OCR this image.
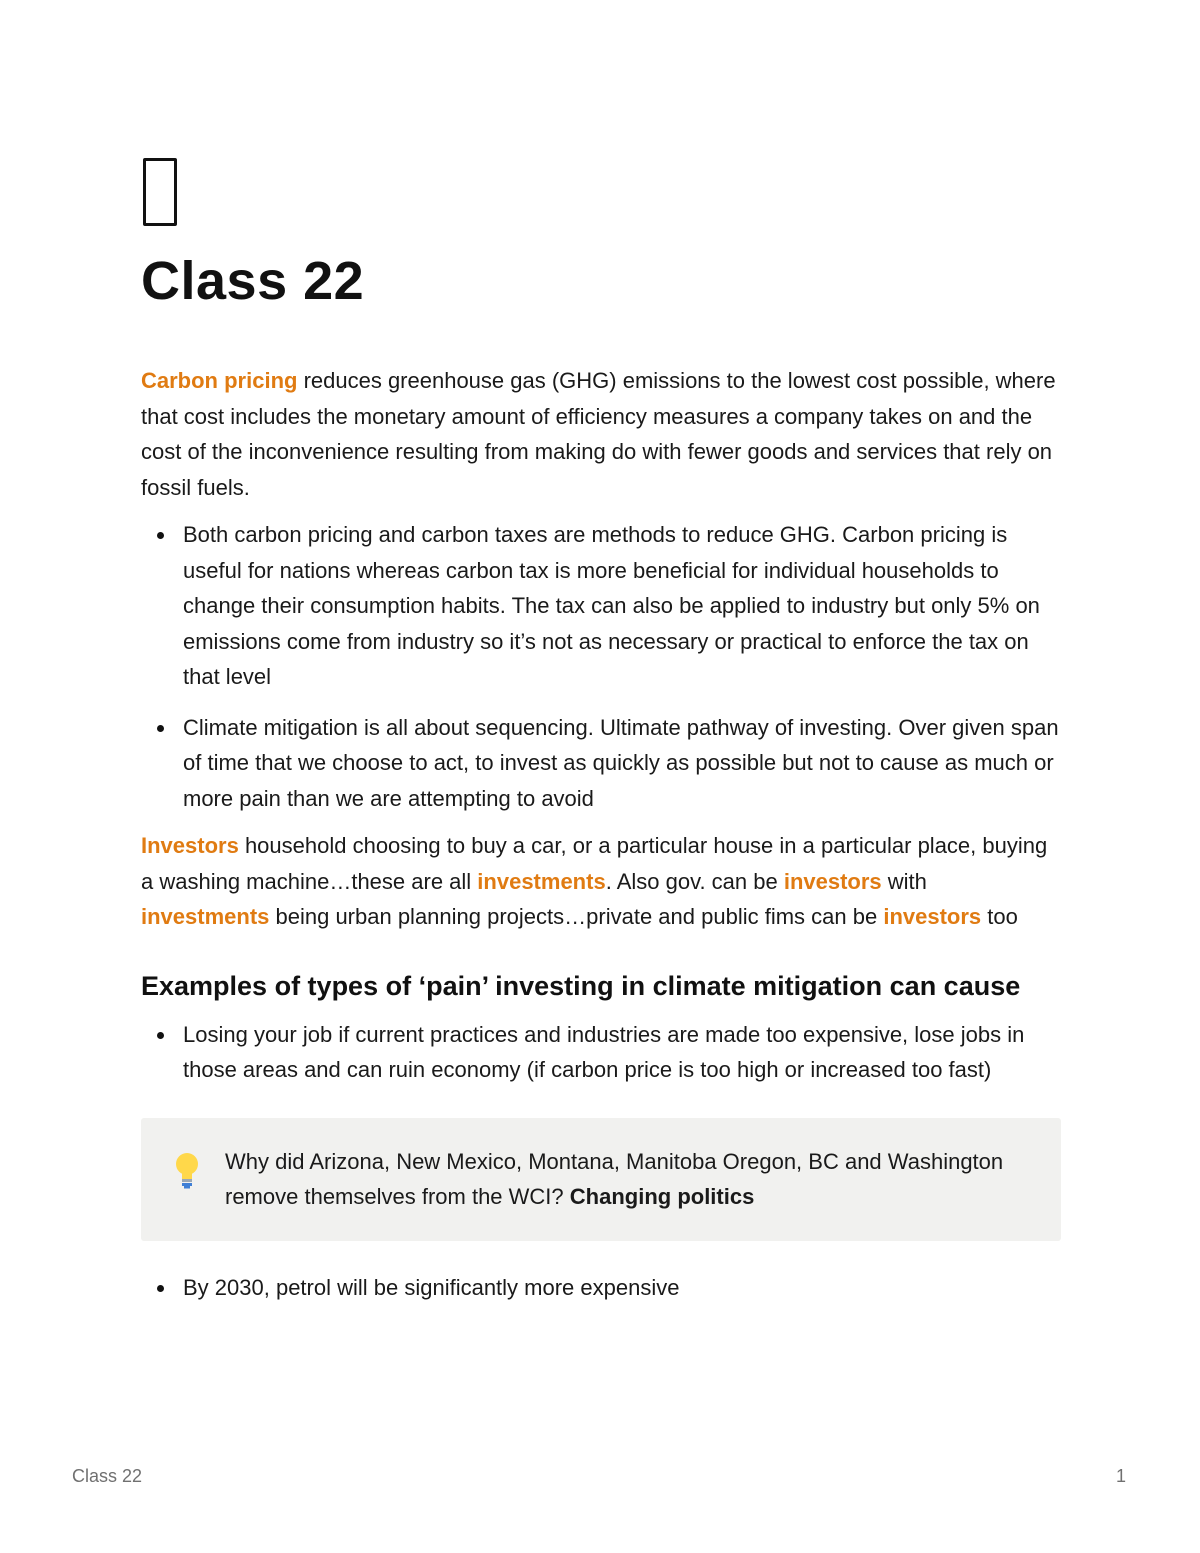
Class 22

Carbon pricing reduces greenhouse gas (GHG) emissions to the lowest cost possible, where that cost includes the monetary amount of efficiency measures a company takes on and the cost of the inconvenience resulting from making do with fewer goods and services that rely on fossil fuels.

Both carbon pricing and carbon taxes are methods to reduce GHG. Carbon pricing is useful for nations whereas carbon tax is more beneficial for individual households to change their consumption habits. The tax can also be applied to industry but only 5% on emissions come from industry so it’s not as necessary or practical to enforce the tax on that level
Climate mitigation is all about sequencing. Ultimate pathway of investing. Over given span of time that we choose to act, to invest as quickly as possible but not to cause as much or more pain than we are attempting to avoid

Investors household choosing to buy a car, or a particular house in a particular place, buying a washing machine…these are all investments. Also gov. can be investors with investments being urban planning projects…private and public fims can be investors too

Examples of types of ‘pain’ investing in climate mitigation can cause
Losing your job if current practices and industries are made too expensive, lose jobs in those areas and can ruin economy (if carbon price is too high or increased too fast)
Why did Arizona, New Mexico, Montana, Manitoba Oregon, BC and Washington remove themselves from the WCI? Changing politics
By 2030, petrol will be significantly more expensive
Class 22	1
